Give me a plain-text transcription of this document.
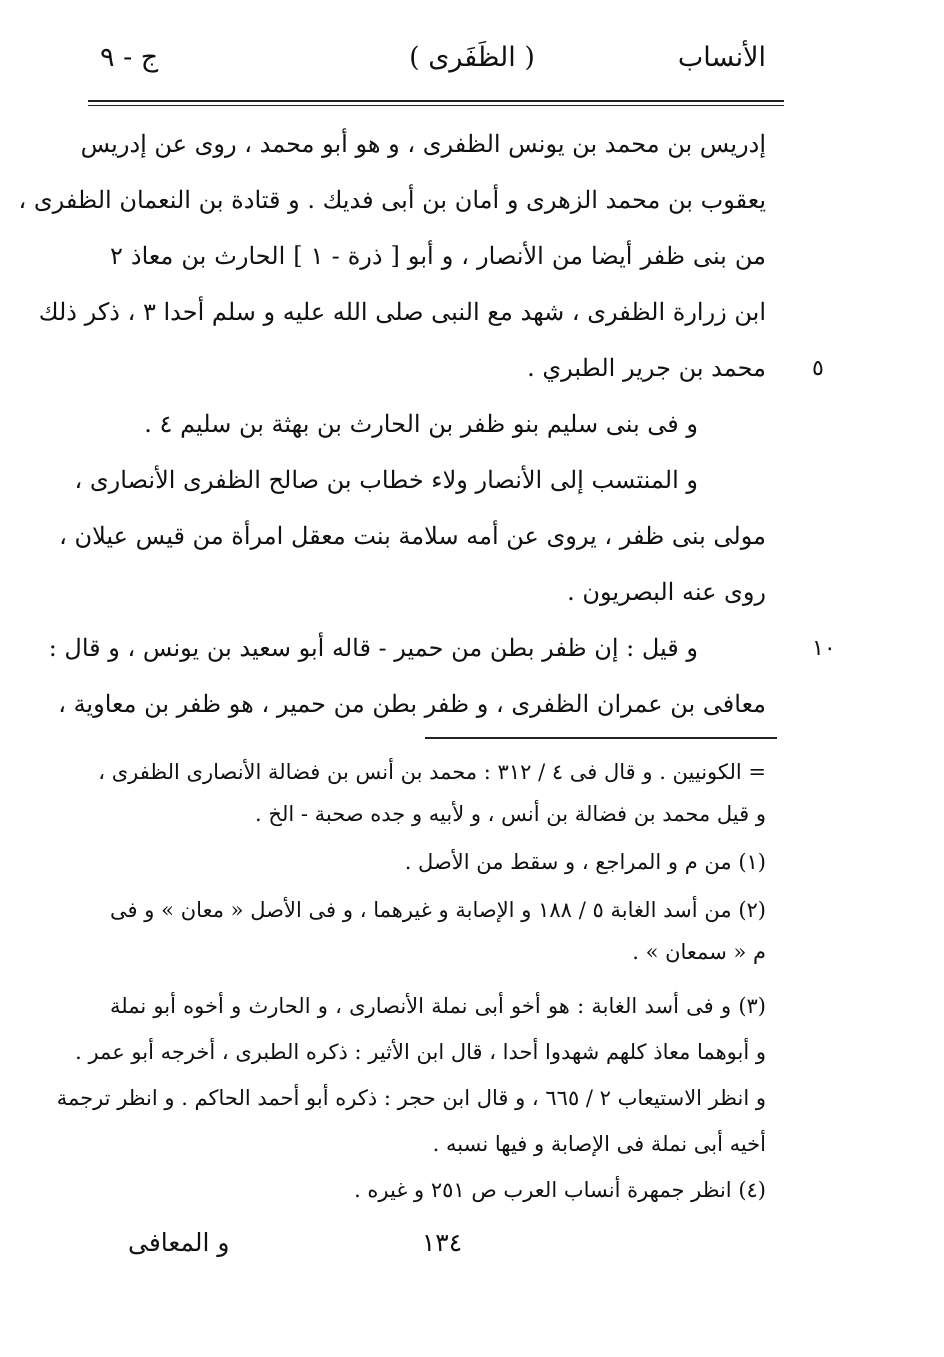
الأنساب
( الظَفَرى )
ج - ٩
إدريس بن محمد بن يونس الظفرى ، و هو أبو محمد ، روى عن إدريس
يعقوب بن محمد الزهرى و أمان بن أبى فديك . و قتادة بن النعمان الظفرى ،
من بنى ظفر أيضا من الأنصار ، و أبو [ ذرة - ١ ] الحارث بن معاذ ٢
ابن زرارة الظفرى ، شهد مع النبى صلى الله عليه و سلم أحدا ٣ ، ذكر ذلك
محمد بن جرير الطبري .
و فى بنى سليم بنو ظفر بن الحارث بن بهثة بن سليم ٤ .
و المنتسب إلى الأنصار ولاء خطاب بن صالح الظفرى الأنصارى ،
مولى بنى ظفر ، يروى عن أمه سلامة بنت معقل امرأة من قيس عيلان ،
روى عنه البصريون .
و قيل : إن ظفر بطن من حمير - قاله أبو سعيد بن يونس ، و قال :
معافى بن عمران الظفرى ، و ظفر بطن من حمير ، هو ظفر بن معاوية ،
٥
١٠
= الكونيين . و قال فى ٤ / ٣١٢ : محمد بن أنس بن فضالة الأنصارى الظفرى ،
و قيل محمد بن فضالة بن أنس ، و لأبيه و جده صحبة - الخ .
(١) من م و المراجع ، و سقط من الأصل .
(٢) من أسد الغابة ٥ / ١٨٨ و الإصابة و غيرهما ، و فى الأصل « معان » و فى
م « سمعان » .
(٣) و فى أسد الغابة : هو أخو أبى نملة الأنصارى ، و الحارث و أخوه أبو نملة
و أبوهما معاذ كلهم شهدوا أحدا ، قال ابن الأثير : ذكره الطبرى ، أخرجه أبو عمر .
و انظر الاستيعاب ٢ / ٦٦٥ ، و قال ابن حجر : ذكره أبو أحمد الحاكم . و انظر ترجمة
أخيه أبى نملة فى الإصابة و فيها نسبه .
(٤) انظر جمهرة أنساب العرب ص ٢٥١ و غيره .
١٣٤
و المعافى
